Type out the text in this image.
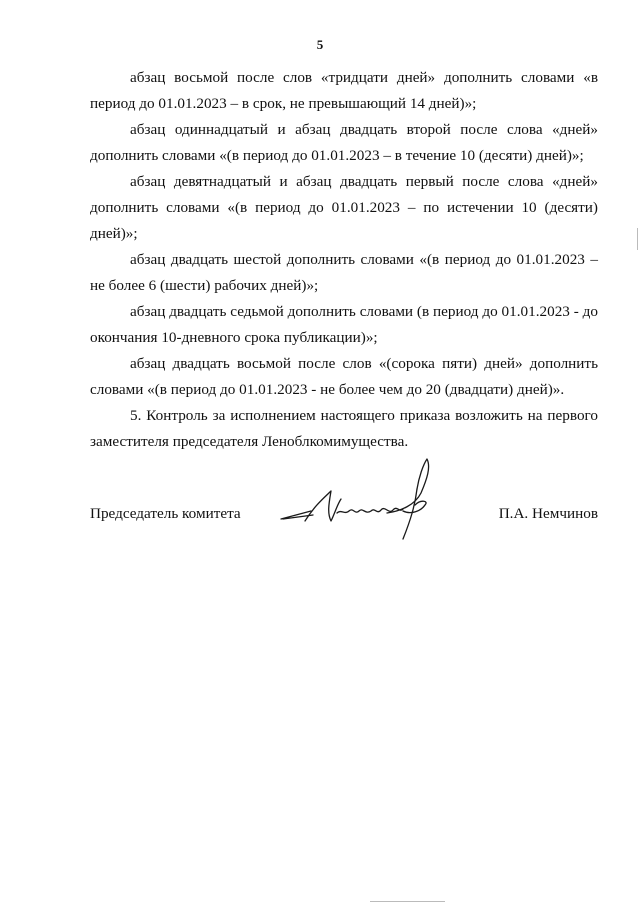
5

абзац восьмой после слов «тридцати дней» дополнить словами «в период до 01.01.2023 – в срок, не превышающий 14 дней)»;

абзац одиннадцатый и абзац двадцать второй после слова «дней» дополнить словами «(в период до 01.01.2023 – в течение 10 (десяти) дней)»;

абзац девятнадцатый и абзац двадцать первый после слова «дней» дополнить словами «(в период до 01.01.2023 – по истечении 10 (десяти) дней)»;

абзац двадцать шестой дополнить словами «(в период до 01.01.2023 – не более 6 (шести) рабочих дней)»;

абзац двадцать седьмой дополнить словами (в период до 01.01.2023 - до окончания 10-дневного срока публикации)»;

абзац двадцать восьмой после слов «(сорока пяти) дней» дополнить словами «(в период до 01.01.2023 - не более чем до 20 (двадцати) дней)».

5. Контроль за исполнением настоящего приказа возложить на первого заместителя председателя Леноблкомимущества.

Председатель комитета	П.А. Немчинов
